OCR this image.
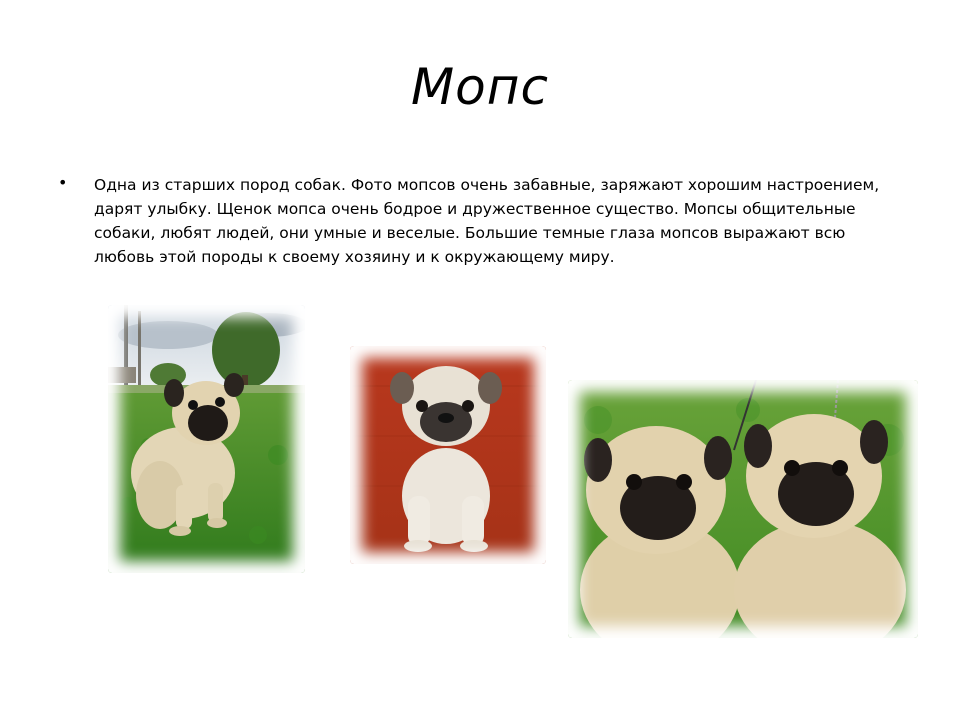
Мопс
• Одна из старших пород собак. Фото мопсов очень забавные, заряжают хорошим настроением, дарят улыбку. Щенок мопса очень бодрое и дружественное существо. Мопсы общительные собаки, любят людей, они умные и веселые. Большие темные глаза мопсов выражают всю любовь этой породы к своему хозяину и к окружающему миру.
